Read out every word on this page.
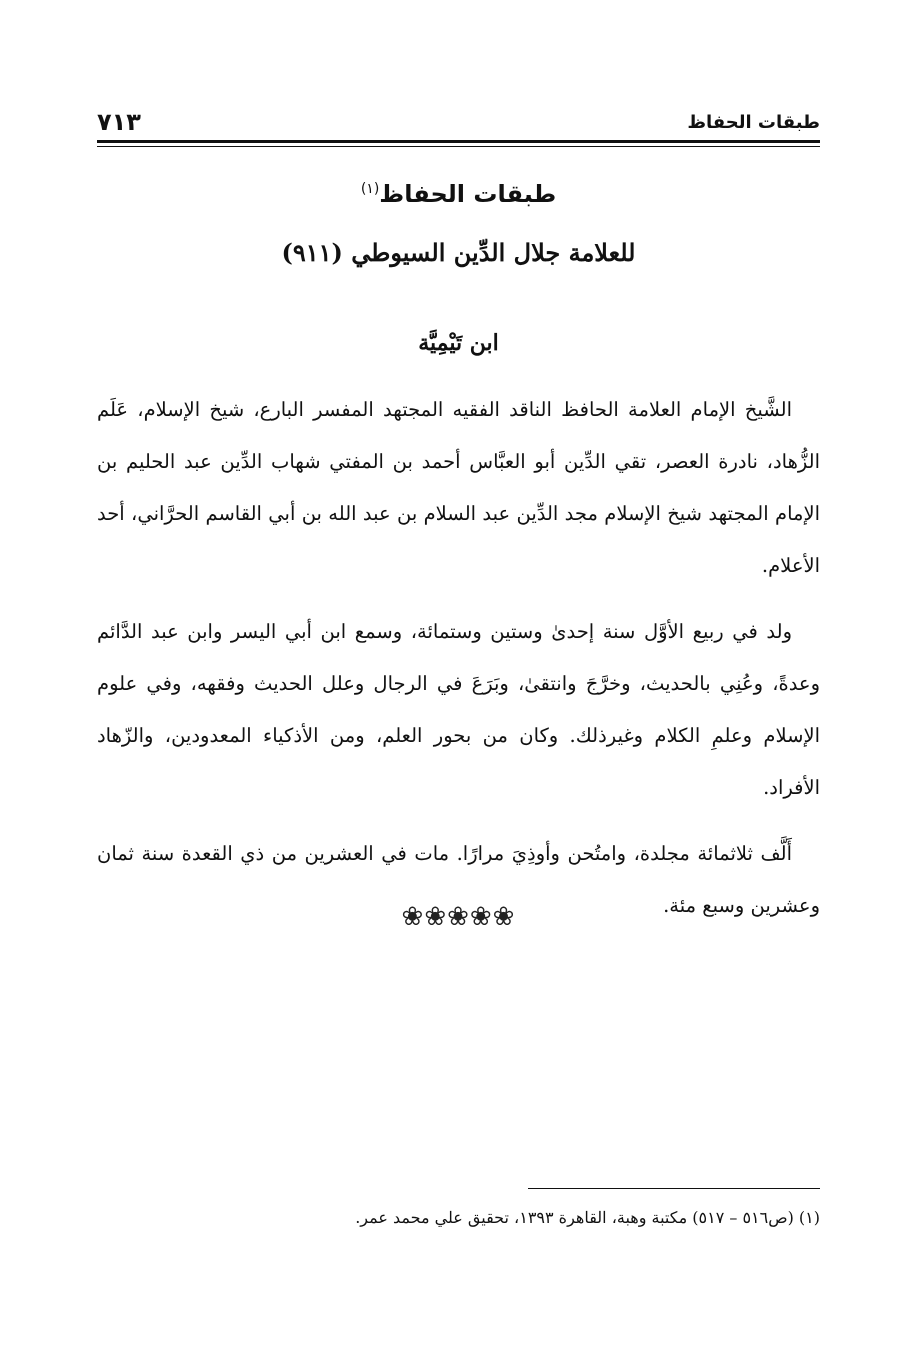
طبقات الحفاظ
٧١٣
طبقات الحفاظ$^{(١)}$
للعلامة جلال الدِّين السيوطي (٩١١)
ابن تَيْمِيَّة

الشَّيخ الإمام العلامة الحافظ الناقد الفقيه المجتهد المفسر البارع، شيخ الإسلام، عَلَم الزُّهاد، نادرة العصر، تقي الدِّين أبو العبَّاس أحمد بن المفتي شهاب الدِّين عبد الحليم بن الإمام المجتهد شيخ الإسلام مجد الدِّين عبد السلام بن عبد الله بن أبي القاسم الحرَّاني، أحد الأعلام.

ولد في ربيع الأوَّل سنة إحدىٰ وستين وستمائة، وسمع ابن أبي اليسر وابن عبد الدَّائم وعدةً، وعُنِي بالحديث، وخرَّجَ وانتقىٰ، وبَرَعَ في الرجال وعلل الحديث وفقهه، وفي علوم الإسلام وعلمِ الكلام وغيرذلك. وكان من بحور العلم، ومن الأذكياء المعدودين، والزّهاد الأفراد.

أَلَّف ثلاثمائة مجلدة، وامتُحن وأوذِيَ مرارًا. مات في العشرين من ذي القعدة سنة ثمان وعشرين وسبع مئة.

❀❀❀❀❀
(١) (ص٥١٦ – ٥١٧) مكتبة وهبة، القاهرة ١٣٩٣، تحقيق علي محمد عمر.
